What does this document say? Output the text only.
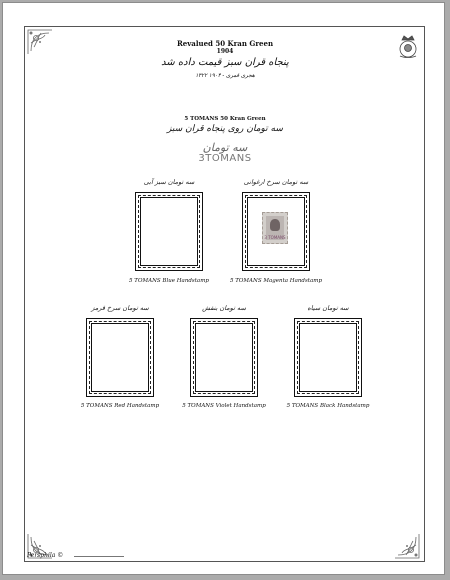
Revalued 50 Kran Green
1904
پنجاه قران سبز قیمت داده شد
۱۳۲۲ هجری قمری - ۱۹۰۴
5 TOMANS 50 Kran Green
سه تومان روی پنجاه قران سبز
سه تومان
3TOMANS
سه تومان سبز آبی
5 TOMANS Blue Handstamp
سه تومان سرخ ارغوانی
3 TOMANS
5 TOMANS Magenta Handstamp
سه تومان سرخ قرمز
5 TOMANS Red Handstamp
سه تومان بنفش
5 TOMANS Violet Handstamp
سه تومان سیاه
5 TOMANS Black Handstamp
Persphila ©
